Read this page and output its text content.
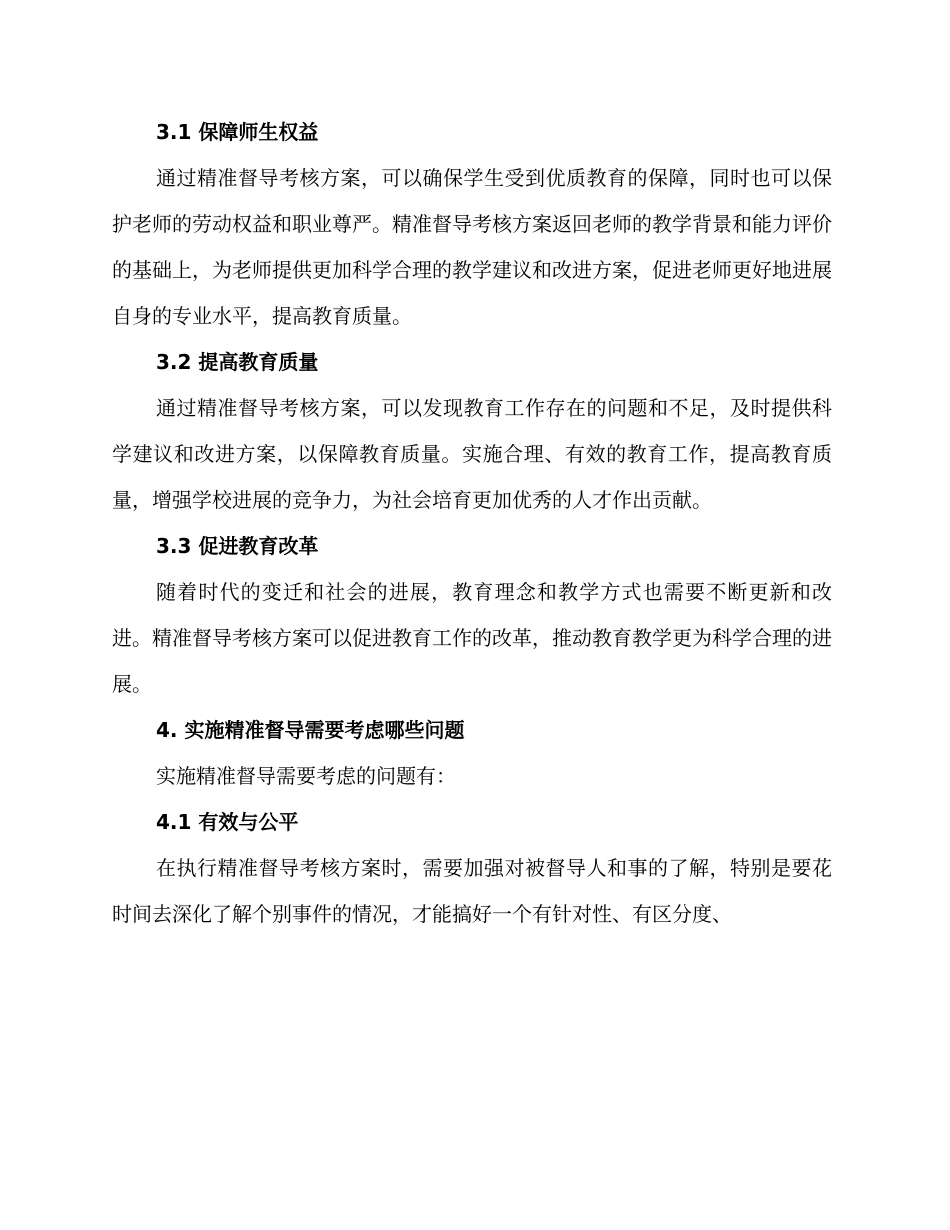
3.1 保障师生权益

通过精准督导考核方案，可以确保学生受到优质教育的保障，同时也可以保护老师的劳动权益和职业尊严。精准督导考核方案返回老师的教学背景和能力评价的基础上，为老师提供更加科学合理的教学建议和改进方案，促进老师更好地进展自身的专业水平，提高教育质量。

3.2 提高教育质量

通过精准督导考核方案，可以发现教育工作存在的问题和不足，及时提供科学建议和改进方案，以保障教育质量。实施合理、有效的教育工作，提高教育质量，增强学校进展的竞争力，为社会培育更加优秀的人才作出贡献。

3.3 促进教育改革

随着时代的变迁和社会的进展，教育理念和教学方式也需要不断更新和改进。精准督导考核方案可以促进教育工作的改革，推动教育教学更为科学合理的进展。

4. 实施精准督导需要考虑哪些问题

实施精准督导需要考虑的问题有：

4.1 有效与公平

在执行精准督导考核方案时，需要加强对被督导人和事的了解，特别是要花时间去深化了解个别事件的情况，才能搞好一个有针对性、有区分度、
